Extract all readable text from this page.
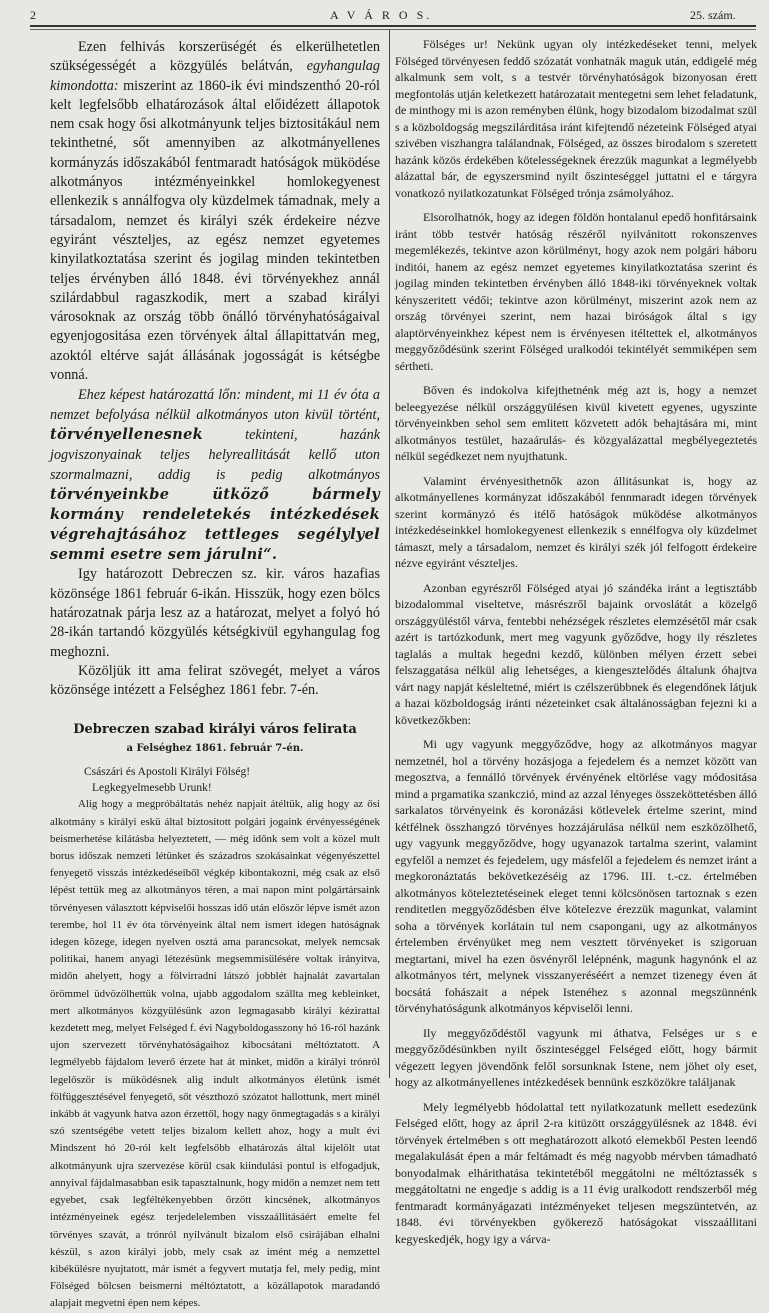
2	A V Á R O S.	25. szám.

Ezen felhivás korszerüségét és elkerülhetetlen szükségességét a közgyülés belátván, egyhangulag kimondotta: miszerint az 1860-ik évi mindszenthó 20-ról kelt legfelsőbb elhatározások által előidézett állapotok nem csak hogy ősi alkotmányunk teljes biztositákául nem tekinthetné, sőt amennyiben az alkotmányellenes kormányzás időszakából fentmaradt hatóságok müködése alkotmányos intézményeinkkel homlokegyenest ellenkezik s annálfogva oly küzdelmek támadnak, mely a társadalom, nemzet és királyi szék érdekeire nézve egyiránt vészteljes, az egész nemzet egyetemes kinyilatkoztatása szerint és jogilag minden tekintetben teljes érvényben álló 1848. évi törvényekhez annál szilárdabbul ragaszkodik, mert a szabad királyi városoknak az ország több önálló törvényhatóságaival egyenjogositása ezen törvények által állapittatván meg, azoktól eltérve saját állásának jogosságát is kétségbe vonná.

Ehez képest határozattá lőn: mindent, mi 11 év óta a nemzet befolyása nélkül alkotmányos uton kivül történt, törvényellenesnek tekinteni, hazánk jogviszonyainak teljes helyreallitását kellő uton szormalmazni, addig is pedig alkotmányos törvényeinkbe ütköző bármely kormány rendeletekés intézkedések végrehajtásához tettleges segélylyel semmi esetre sem járulni“.

Igy határozott Debreczen sz. kir. város hazafias közönsége 1861 február 6-ikán. Hisszük, hogy ezen bölcs határozatnak párja lesz az a határozat, melyet a folyó hó 28-ikán tartandó közgyülés kétségkivül egyhangulag fog meghozni.

Közöljük itt ama felirat szövegét, melyet a város közönsége intézett a Felséghez 1861 febr. 7-én.

Debreczen szabad királyi város felirata
a Felséghez 1861. február 7-én.
Császári és Apostoli Királyi Fölség!
Legkegyelmesebb Urunk!

Alig hogy a megpróbáltatás nehéz napjait átéltük, alig hogy az ősi alkotmány s királyi eskü által biztositott polgári jogaink érvényességének beismerhetése kilátásba helyeztetett, — még időnk sem volt a közel mult borus időszak nemzeti létünket és századros szokásainkat végenyészettel fenyegető visszás intézkedéseiből végkép kibontakozni, még csak az első lépést tettük meg az alkotmányos téren, a mai napon mint polgártársaink törvényesen választott képviselői hosszas idő után először lépve ismét azon terembe, hol 11 év óta törvényeink által nem ismert idegen hatóságnak idegen közege, idegen nyelven osztá ama parancsokat, melyek nemcsak politikai, hanem anyagi létezésünk megsemmisülésére voltak irányitva, midőn ahelyett, hogy a fölvirradni látszó jobblét hajnalát zavartalan örömmel üdvözölhettük volna, ujabb aggodalom szállta meg kebleinket, mert alkotmányos közgyülésünk azon legmagasabb királyi kézirattal kezdetett meg, melyet Felséged f. évi Nagyboldogasszony hó 16-ról hazánk ujon szervezett törvényhatóságaihoz kibocsátani méltóztatott. A legmélyebb fájdalom leverő érzete hat át minket, midőn a királyi trónról legelőször is müködésnek alig indult alkotmányos életünk ismét fölfüggesztésével fenyegető, sőt vészthozó szózatot hallottunk, mert minél inkább át vagyunk hatva azon érzettől, hogy nagy önmegtagadás s a királyi szó szentségébe vetett teljes bizalom kellett ahoz, hogy a mult évi Mindszent hó 20-ról kelt legfelsőbb elhatározás által kijelölt utat alkotmányunk ujra szervezése körül csak kiindulási pontul is elfogadjuk, annyival fájdalmasabban esik tapasztalnunk, hogy midőn a nemzet nem tett egyebet, csak legféltékenyebben őrzött kincsének, alkotmányos intézményeinek egész terjedelelemben visszaállitásáért emelte fel törvényes szavát, a trónról nyilvánult bizalom első csirájában elhalni készül, s azon királyi jobb, mely csak az imént még a nemzettel kibékülésre nyujtatott, már ismét a fegyvert mutatja fel, mely pedig, mint Fölséged bölcsen beismerni méltóztatott, a közállapotok maradandó alapjait megvetni épen nem képes.

Fölséges ur! Nekünk ugyan oly intézkedéseket tenni, melyek Fölséged törvényesen feddő szózatát vonhatnák maguk után, eddigelé még alkalmunk sem volt, s a testvér törvényhatóságok bizonyosan érett megfontolás utján keletkezett határozatait mentegetni sem lehet feladatunk, de minthogy mi is azon reményben élünk, hogy bizodalom bizodalmat szül s a közboldogság megszilárditása iránt kifejtendő nézeteink Fölséged atyai szivében viszhangra találandnak, Fölséged, az összes birodalom s szeretett hazánk közös érdekében kötelességeknek érezzük magunkat a legmélyebb alázattal bár, de egyszersmind nyilt őszinteséggel juttatni el e tárgyra vonatkozó nyilatkozatunkat Fölséged trónja zsámolyához.

Elsorolhatnók, hogy az idegen földön hontalanul epedő honfitársaink iránt több testvér hatóság részéről nyilvánitott rokonszenves megemlékezés, tekintve azon körülményt, hogy azok nem polgári háboru inditói, hanem az egész nemzet egyetemes kinyilatkoztatása szerint és jogilag minden tekintetben érvényben álló 1848-iki törvényeknek voltak kényszeritett védői; tekintve azon körülményt, miszerint azok nem az ország törvényei szerint, nem hazai biróságok által s igy alaptörvényeinkhez képest nem is érvényesen itéltettek el, alkotmányos meggyőződésünk szerint Fölséged uralkodói tekintélyét semmiképen sem sértheti.

Bőven és indokolva kifejthetnénk még azt is, hogy a nemzet beleegyezése nélkül országgyülésen kivül kivetett egyenes, ugyszinte törvényeinkben sehol sem emlitett közvetett adók behajtására mi, mint alkotmányos testület, hazaárulás- és közgyalázattal megbélyegeztetés nélkül segédkezet nem nyujthatunk.

Valamint érvényesithetnők azon állitásunkat is, hogy az alkotmányellenes kormányzat időszakából fennmaradt idegen törvények szerint kormányzó és itélő hatóságok müködése alkotmányos intézkedéseinkkel homlokegyenest ellenkezik s ennélfogva oly küzdelmet támaszt, mely a társadalom, nemzet és királyi szék jól felfogott érdekeire nézve egyiránt vészteljes.

Azonban egyrészről Fölséged atyai jó szándéka iránt a legtisztább bizodalommal viseltetve, másrészről bajaink orvoslátát a közelgő országgyüléstől várva, fentebbi nehézségek részletes elemzésétől már csak azért is tartózkodunk, mert meg vagyunk győződve, hogy ily részletes taglalás a multak hegedni kezdő, különben mélyen érzett sebei felszaggatása nélkül alig lehetséges, a kiengesztelődés általunk óhajtva várt nagy napját késleltetné, miért is czélszerübbnek és elegendőnek látjuk a hazai közboldogság iránti nézeteinket csak általánosságban fejezni ki a következőkben:

Mi ugy vagyunk meggyőződve, hogy az alkotmányos magyar nemzetnél, hol a törvény hozásjoga a fejedelem és a nemzet között van megosztva, a fennálló törvények érvényének eltörlése vagy módositása mind a prgamatika szankczió, mind az azzal lényeges összeköttetésben álló sarkalatos törvényeink és koronázási kötlevelek értelme szerint, mind kétfélnek összhangzó törvényes hozzájárulása nélkül nem eszközölhető, ugy vagyunk meggyőződve, hogy ugyanazok tartalma szerint, valamint egyfelől a nemzet és fejedelem, ugy másfelől a fejedelem és nemzet iránt a megkoronáztatás bekövetkezéséig az 1796. III. t.-cz. értelmében alkotmányos köteleztetéseinek eleget tenni kölcsönösen tartoznak s ezen renditetlen meggyőződésben élve kötelezve érezzük magunkat, valamint soha a törvények korlátain tul nem csapongani, ugy az alkotmányos értelemben érvényüket meg nem vesztett törvényeket is szigoruan megtartani, mivel ha ezen ösvényről lelépnénk, magunk hagynónk el az alkotmányos tért, melynek visszanyeréséért a nemzet tizenegy éven át bocsátá fohászait a népek Istenéhez s azonnal megszünnénk törvényhatóságunk alkotmányos képviselői lenni.

Ily meggyőződéstől vagyunk mi áthatva, Felséges ur s e meggyőződésünkben nyilt őszinteséggel Felséged előtt, hogy bármit végezett legyen jövendőnk felől sorsunknak Istene, nem jöhet oly eset, hogy az alkotmányellenes intézkedések bennünk eszközökre találjanak

Mely legmélyebb hódolattal tett nyilatkozatunk mellett esedezünk Felséged előtt, hogy az ápril 2-ra kitüzött országgyülésnek az 1848. évi törvények értelmében s ott meghatározott alkotó elemekből Pesten leendő megalakulását épen a már feltámadt és még nagyobb mérvben támadható bonyodalmak elhárithatása tekintetéből meggátolni ne méltóztassék s meggátoltatni ne engedje s addig is a 11 évig uralkodott rendszerből még fentmaradt kormányágazati intézményeket teljesen megszüntetvén, az 1848. évi törvényekben gyökerező hatóságokat visszaállitani kegyeskedjék, hogy igy a várva-
